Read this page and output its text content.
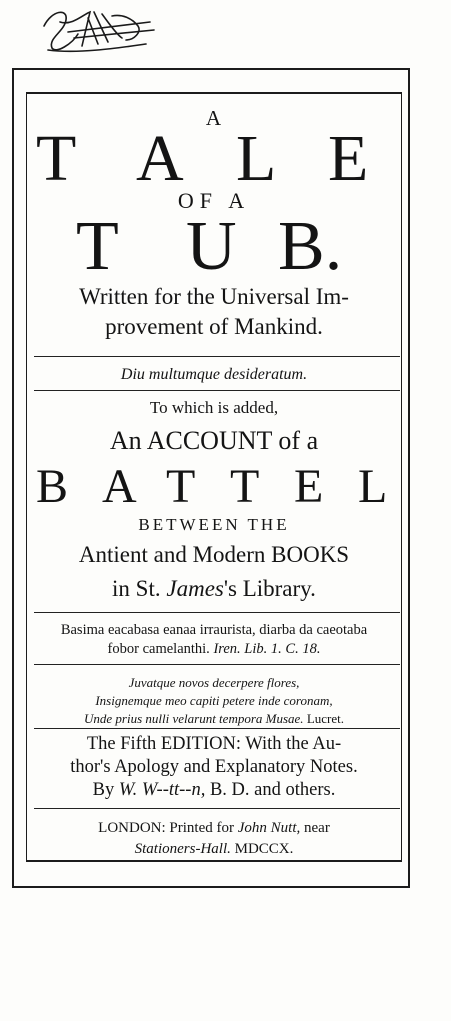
A
T A L E
OF A
T U B.
Written for the Universal Im-
provement of Mankind.
Diu multumque desideratum.
To which is added,
An ACCOUNT of a
B A T T E L
BETWEEN THE
Antient and Modern BOOKS
in St. James's Library.
Basima eacabasa eanaa irraurista, diarba da caeotaba
fobor camelanthi. Iren. Lib. 1. C. 18.
Juvatque novos decerpere flores,
Insignemque meo capiti petere inde coronam,
Unde prius nulli velarunt tempora Musae. Lucret.
The Fifth EDITION: With the Au-
thor's Apology and Explanatory Notes.
By W. W--tt--n, B. D. and others.
LONDON: Printed for John Nutt, near
Stationers-Hall. MDCCX.
